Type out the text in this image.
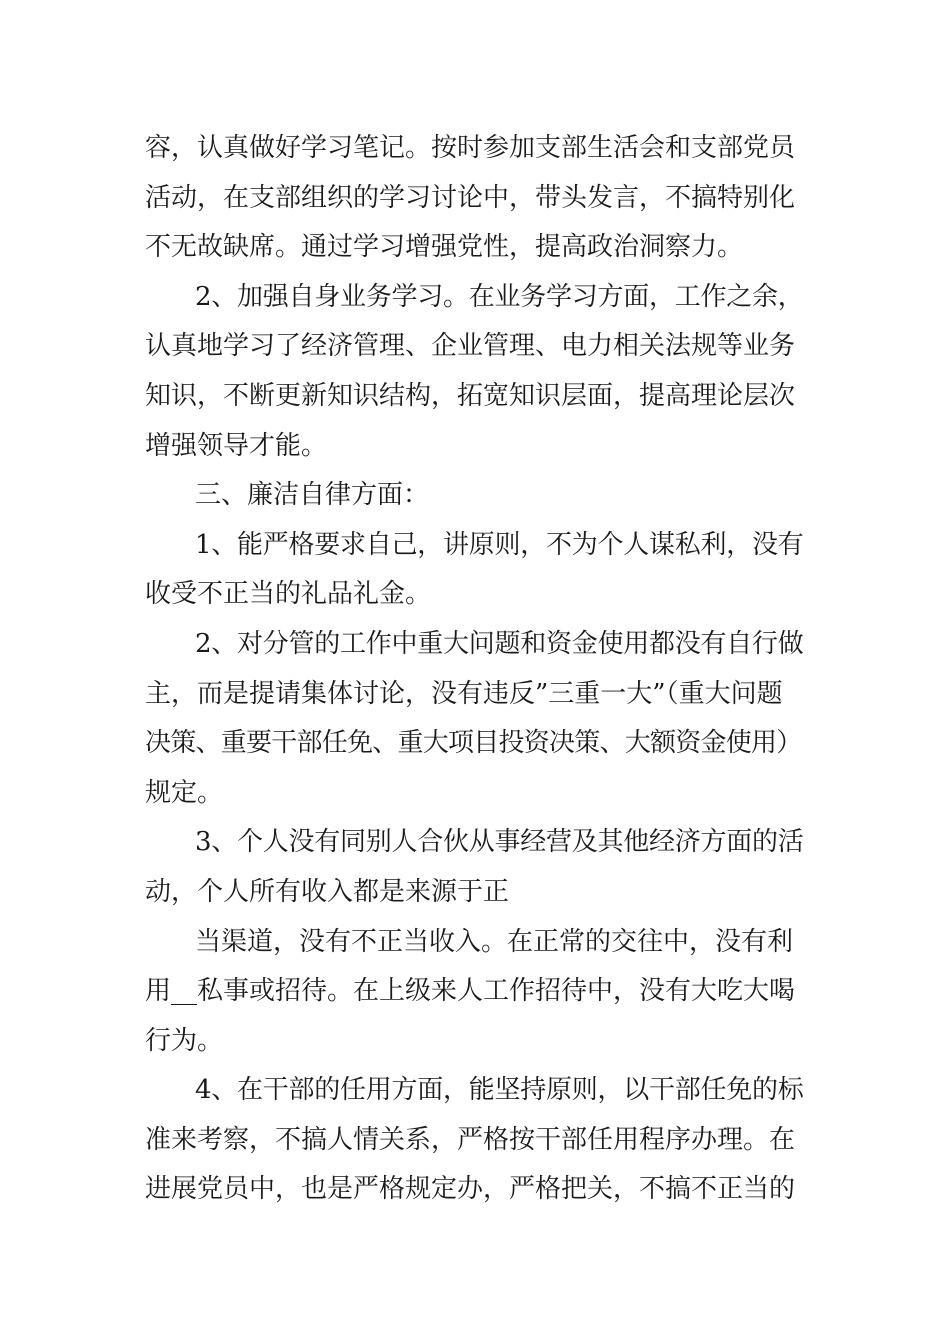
容，认真做好学习笔记。按时参加支部生活会和支部党员
活动，在支部组织的学习讨论中，带头发言，不搞特别化
不无故缺席。通过学习增强党性，提高政治洞察力。
2、加强自身业务学习。在业务学习方面，工作之余，
认真地学习了经济管理、企业管理、电力相关法规等业务
知识，不断更新知识结构，拓宽知识层面，提高理论层次
增强领导才能。
三、廉洁自律方面：
1、能严格要求自己，讲原则，不为个人谋私利，没有
收受不正当的礼品礼金。
2、对分管的工作中重大问题和资金使用都没有自行做
主，而是提请集体讨论，没有违反”三重一大”（重大问题
决策、重要干部任免、重大项目投资决策、大额资金使用）
规定。
3、个人没有同别人合伙从事经营及其他经济方面的活
动，个人所有收入都是来源于正
当渠道，没有不正当收入。在正常的交往中，没有利
用__私事或招待。在上级来人工作招待中，没有大吃大喝
行为。
4、在干部的任用方面，能坚持原则，以干部任免的标
准来考察，不搞人情关系，严格按干部任用程序办理。在
进展党员中，也是严格规定办，严格把关，不搞不正当的
